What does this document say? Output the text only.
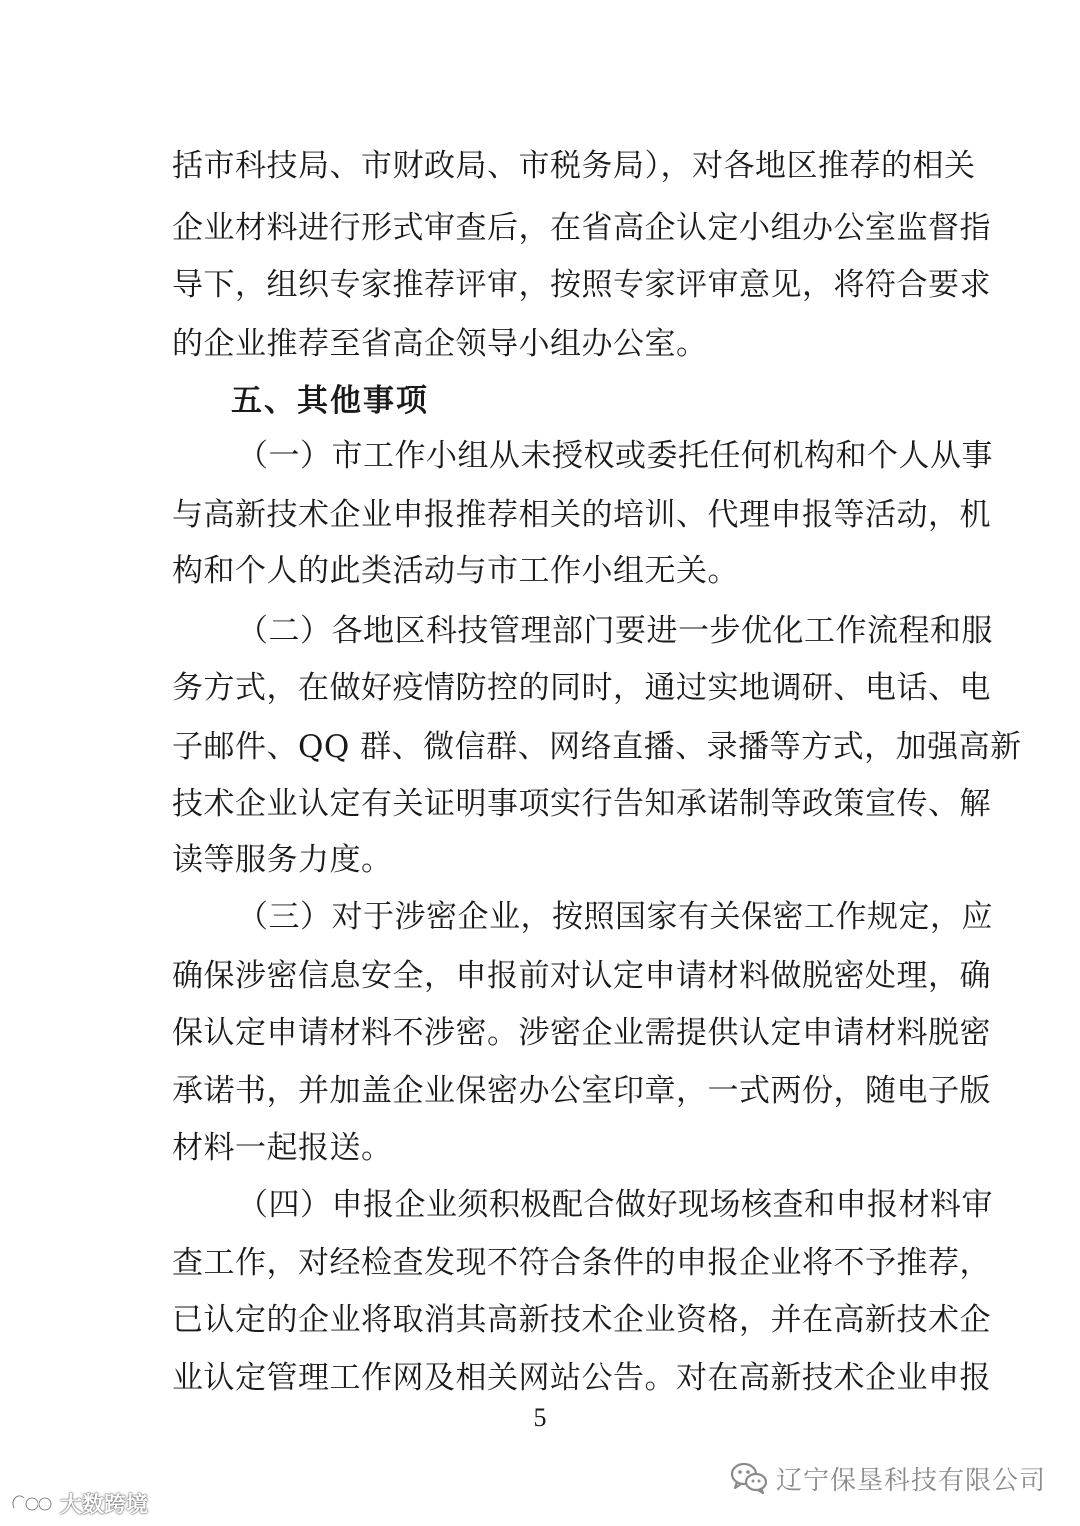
括市科技局、市财政局、市税务局），对各地区推荐的相关
企业材料进行形式审查后，在省高企认定小组办公室监督指
导下，组织专家推荐评审，按照专家评审意见，将符合要求
的企业推荐至省高企领导小组办公室。
五、其他事项
（一）市工作小组从未授权或委托任何机构和个人从事
与高新技术企业申报推荐相关的培训、代理申报等活动，机
构和个人的此类活动与市工作小组无关。
（二）各地区科技管理部门要进一步优化工作流程和服
务方式，在做好疫情防控的同时，通过实地调研、电话、电
子邮件、QQ 群、微信群、网络直播、录播等方式，加强高新
技术企业认定有关证明事项实行告知承诺制等政策宣传、解
读等服务力度。
（三）对于涉密企业，按照国家有关保密工作规定，应
确保涉密信息安全，申报前对认定申请材料做脱密处理，确
保认定申请材料不涉密。涉密企业需提供认定申请材料脱密
承诺书，并加盖企业保密办公室印章，一式两份，随电子版
材料一起报送。
（四）申报企业须积极配合做好现场核查和申报材料审
查工作，对经检查发现不符合条件的申报企业将不予推荐，
已认定的企业将取消其高新技术企业资格，并在高新技术企
业认定管理工作网及相关网站公告。对在高新技术企业申报
5
辽宁保垦科技有限公司
大数跨境
